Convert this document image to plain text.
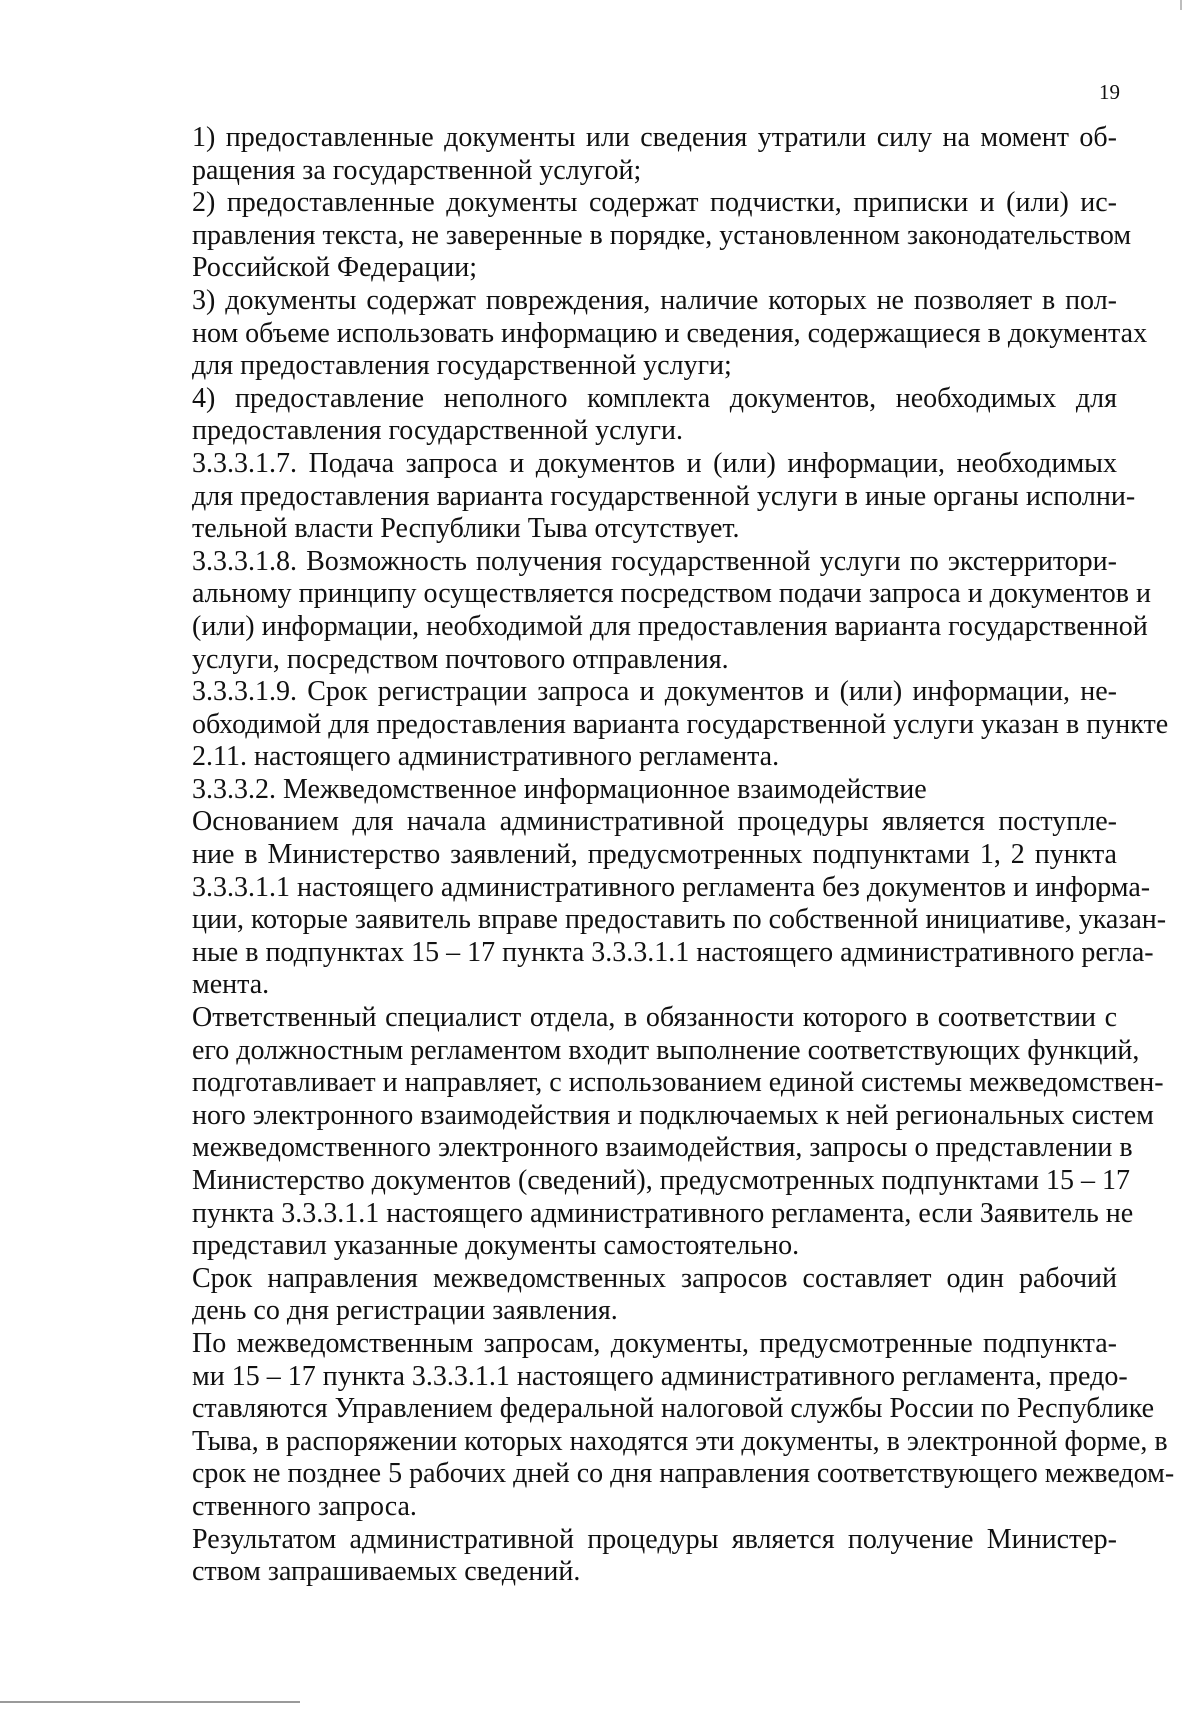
19
1) предоставленные документы или сведения утратили силу на момент об-
ращения за государственной услугой;
2) предоставленные документы содержат подчистки, приписки и (или) ис-
правления текста, не заверенные в порядке, установленном законодательством
Российской Федерации;
3) документы содержат повреждения, наличие которых не позволяет в пол-
ном объеме использовать информацию и сведения, содержащиеся в документах
для предоставления государственной услуги;
4) предоставление неполного комплекта документов, необходимых для
предоставления государственной услуги.
3.3.3.1.7. Подача запроса и документов и (или) информации, необходимых
для предоставления варианта государственной услуги в иные органы исполни-
тельной власти Республики Тыва отсутствует.
3.3.3.1.8. Возможность получения государственной услуги по экстерритори-
альному принципу осуществляется посредством подачи запроса и документов и
(или) информации, необходимой для предоставления варианта государственной
услуги, посредством почтового отправления.
3.3.3.1.9. Срок регистрации запроса и документов и (или) информации, не-
обходимой для предоставления варианта государственной услуги указан в пункте
2.11. настоящего административного регламента.
3.3.3.2. Межведомственное информационное взаимодействие
Основанием для начала административной процедуры является поступле-
ние в Министерство заявлений, предусмотренных подпунктами 1, 2 пункта
3.3.3.1.1 настоящего административного регламента без документов и информа-
ции, которые заявитель вправе предоставить по собственной инициативе, указан-
ные в подпунктах 15 – 17 пункта 3.3.3.1.1 настоящего административного регла-
мента.
Ответственный специалист отдела, в обязанности которого в соответствии с
его должностным регламентом входит выполнение соответствующих функций,
подготавливает и направляет, с использованием единой системы межведомствен-
ного электронного взаимодействия и подключаемых к ней региональных систем
межведомственного электронного взаимодействия, запросы о представлении в
Министерство документов (сведений), предусмотренных подпунктами 15 – 17
пункта 3.3.3.1.1 настоящего административного регламента, если Заявитель не
представил указанные документы самостоятельно.
Срок направления межведомственных запросов составляет один рабочий
день со дня регистрации заявления.
По межведомственным запросам, документы, предусмотренные подпункта-
ми 15 – 17 пункта 3.3.3.1.1 настоящего административного регламента, предо-
ставляются Управлением федеральной налоговой службы России по Республике
Тыва, в распоряжении которых находятся эти документы, в электронной форме, в
срок не позднее 5 рабочих дней со дня направления соответствующего межведом-
ственного запроса.
Результатом административной процедуры является получение Министер-
ством запрашиваемых сведений.
